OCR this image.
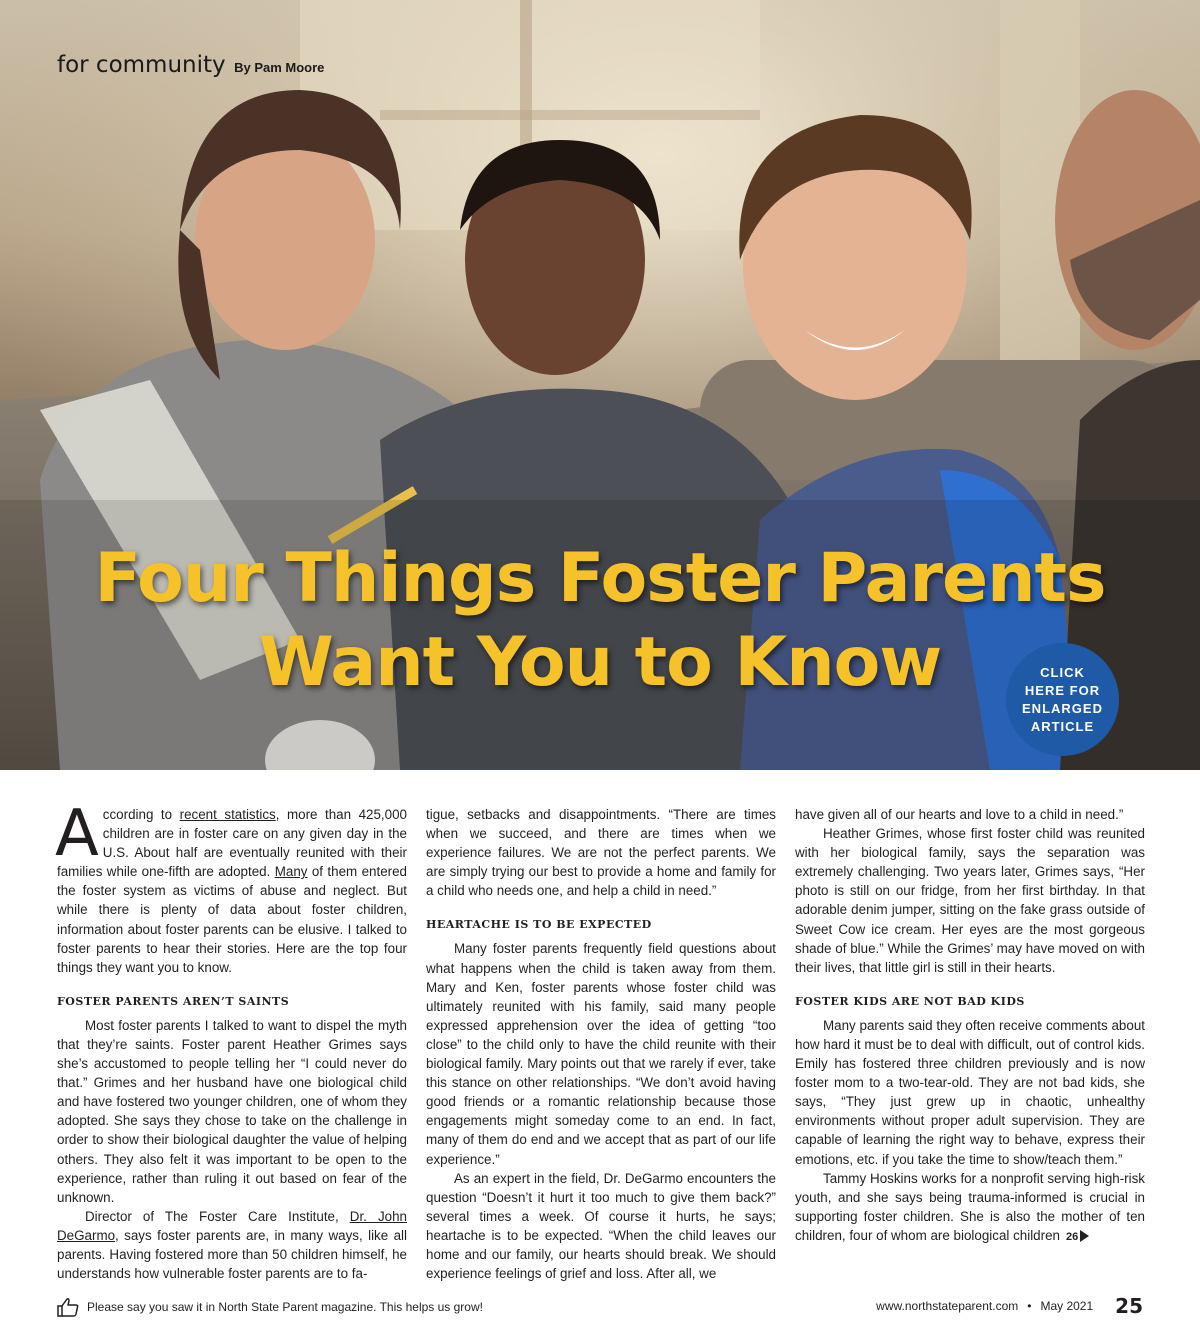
for community By Pam Moore
Four Things Foster Parents
Want You to Know	CLICK HERE FOR ENLARGED ARTICLE

According to recent statistics, more than 425,000 children are in foster care on any given day in the U.S. About half are eventually reunited with their families while one-fifth are adopted. Many of them entered the foster system as victims of abuse and neglect. But while there is plenty of data about foster children, information about foster parents can be elusive. I talked to foster parents to hear their stories. Here are the top four things they want you to know.

FOSTER PARENTS AREN’T SAINTS

Most foster parents I talked to want to dispel the myth that they’re saints. Foster parent Heather Grimes says she’s accustomed to people telling her “I could never do that.” Grimes and her husband have one biological child and have fostered two younger children, one of whom they adopted. She says they chose to take on the challenge in order to show their biological daughter the value of helping others. They also felt it was important to be open to the experience, rather than ruling it out based on fear of the unknown.

Director of The Foster Care Institute, Dr. John DeGarmo, says foster parents are, in many ways, like all parents. Having fostered more than 50 children himself, he understands how vulnerable foster parents are to fa-

tigue, setbacks and disappointments. “There are times when we succeed, and there are times when we experience failures. We are not the perfect parents. We are simply trying our best to provide a home and family for a child who needs one, and help a child in need.”

HEARTACHE IS TO BE EXPECTED

Many foster parents frequently field questions about what happens when the child is taken away from them. Mary and Ken, foster parents whose foster child was ultimately reunited with his family, said many people expressed apprehension over the idea of getting “too close” to the child only to have the child reunite with their biological family. Mary points out that we rarely if ever, take this stance on other relationships. “We don’t avoid having good friends or a romantic relationship because those engagements might someday come to an end. In fact, many of them do end and we accept that as part of our life experience.”

As an expert in the field, Dr. DeGarmo encounters the question “Doesn’t it hurt it too much to give them back?” several times a week. Of course it hurts, he says; heartache is to be expected. “When the child leaves our home and our family, our hearts should break. We should experience feelings of grief and loss. After all, we

have given all of our hearts and love to a child in need.”

Heather Grimes, whose first foster child was reunited with her biological family, says the separation was extremely challenging. Two years later, Grimes says, “Her photo is still on our fridge, from her first birthday. In that adorable denim jumper, sitting on the fake grass outside of Sweet Cow ice cream. Her eyes are the most gorgeous shade of blue.” While the Grimes’ may have moved on with their lives, that little girl is still in their hearts.

FOSTER KIDS ARE NOT BAD KIDS

Many parents said they often receive comments about how hard it must be to deal with difficult, out of control kids. Emily has fostered three children previously and is now foster mom to a two-tear-old. They are not bad kids, she says, “They just grew up in chaotic, unhealthy environments without proper adult supervision. They are capable of learning the right way to behave, express their emotions, etc. if you take the time to show/teach them.”

Tammy Hoskins works for a nonprofit serving high-risk youth, and she says being trauma-informed is crucial in supporting foster children. She is also the mother of ten children, four of whom are biological children 26

Please say you saw it in North State Parent magazine. This helps us grow!	www.northstateparent.com • May 2021 25
